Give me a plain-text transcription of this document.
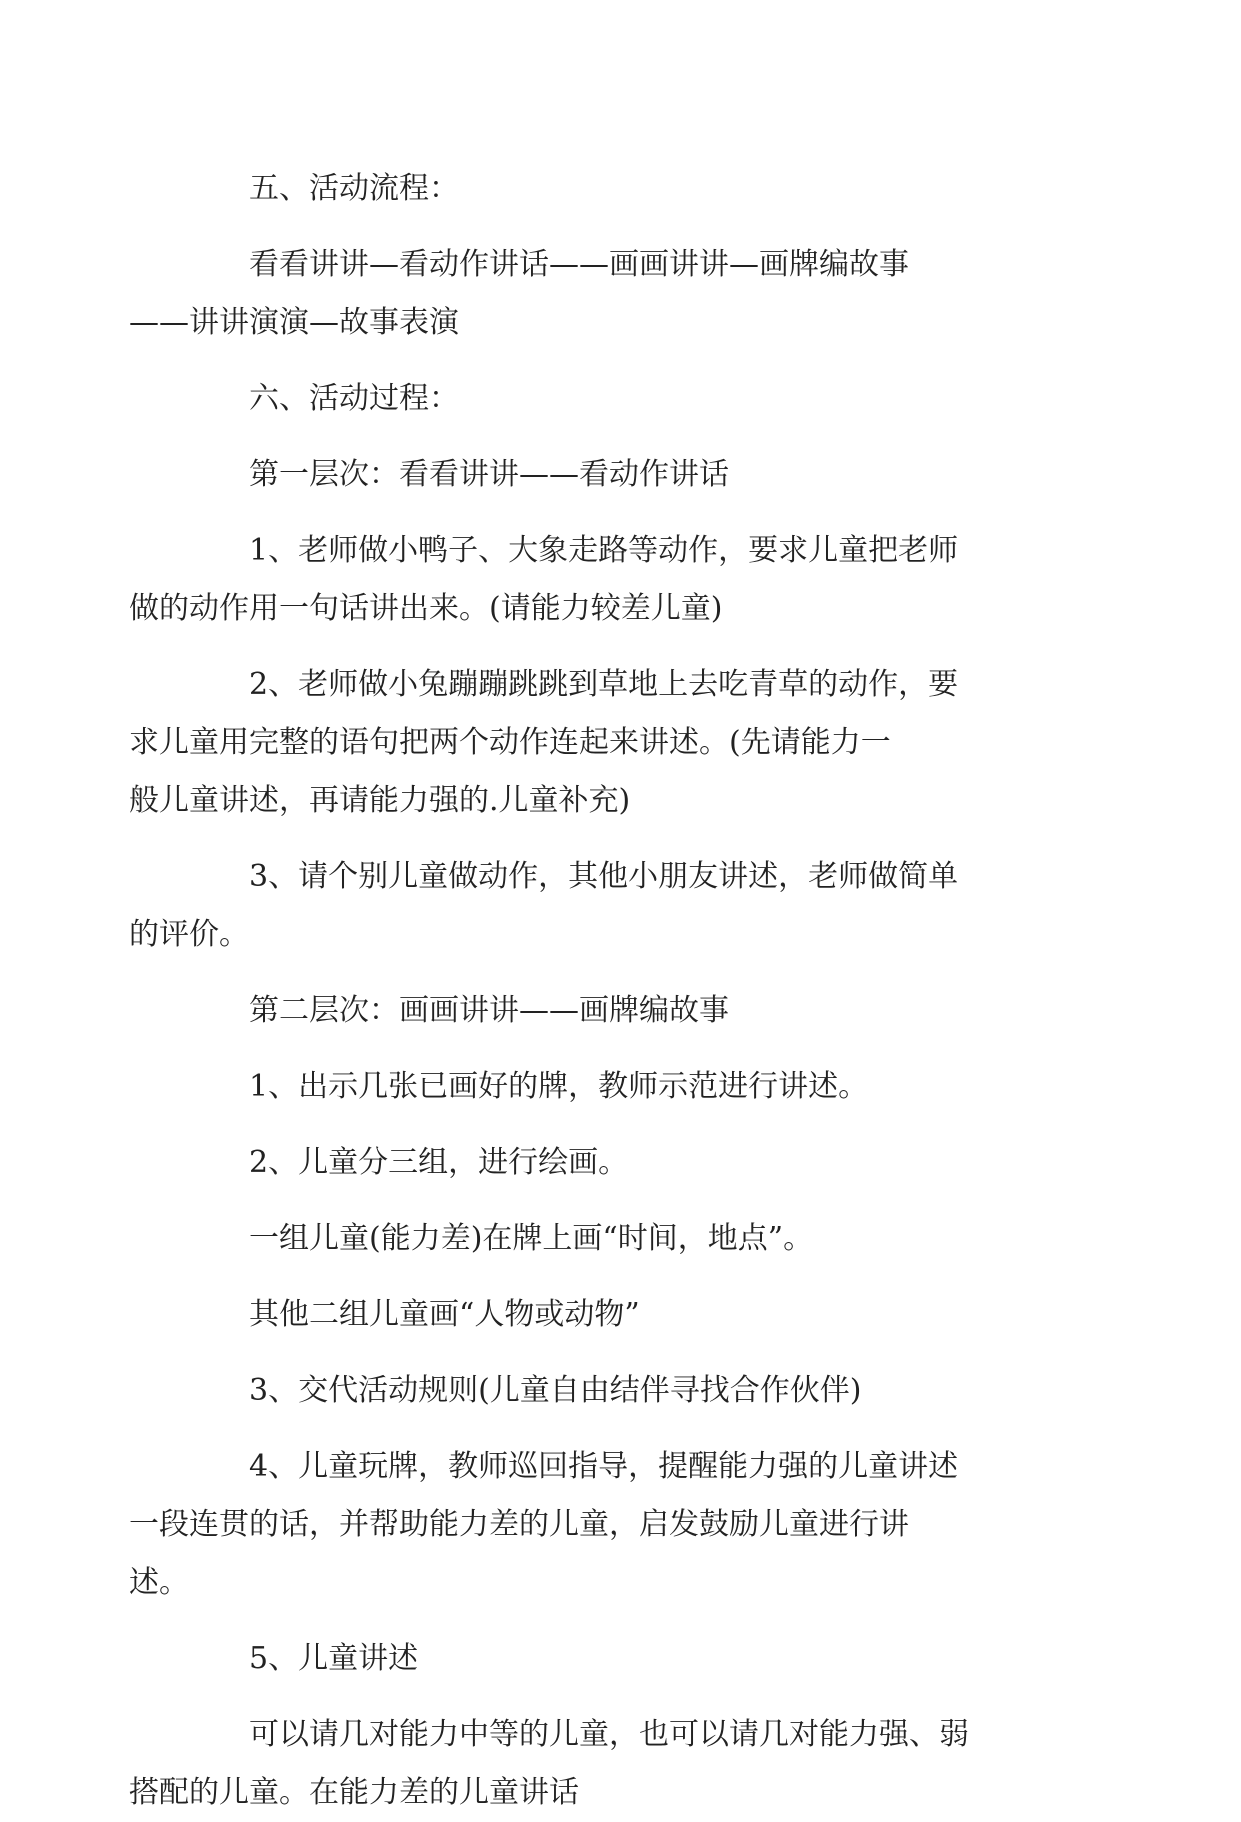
五、活动流程：

看看讲讲—看动作讲话——画画讲讲—画牌编故事
——讲讲演演—故事表演

六、活动过程：

第一层次：看看讲讲——看动作讲话

1、老师做小鸭子、大象走路等动作，要求儿童把老师
做的动作用一句话讲出来。(请能力较差儿童)

2、老师做小兔蹦蹦跳跳到草地上去吃青草的动作，要
求儿童用完整的语句把两个动作连起来讲述。(先请能力一
般儿童讲述，再请能力强的.儿童补充)

3、请个别儿童做动作，其他小朋友讲述，老师做简单
的评价。

第二层次：画画讲讲——画牌编故事

1、出示几张已画好的牌，教师示范进行讲述。

2、儿童分三组，进行绘画。

一组儿童(能力差)在牌上画“时间，地点”。

其他二组儿童画“人物或动物”

3、交代活动规则(儿童自由结伴寻找合作伙伴)

4、儿童玩牌，教师巡回指导，提醒能力强的儿童讲述
一段连贯的话，并帮助能力差的儿童，启发鼓励儿童进行讲
述。

5、儿童讲述

可以请几对能力中等的儿童，也可以请几对能力强、弱
搭配的儿童。在能力差的儿童讲话
